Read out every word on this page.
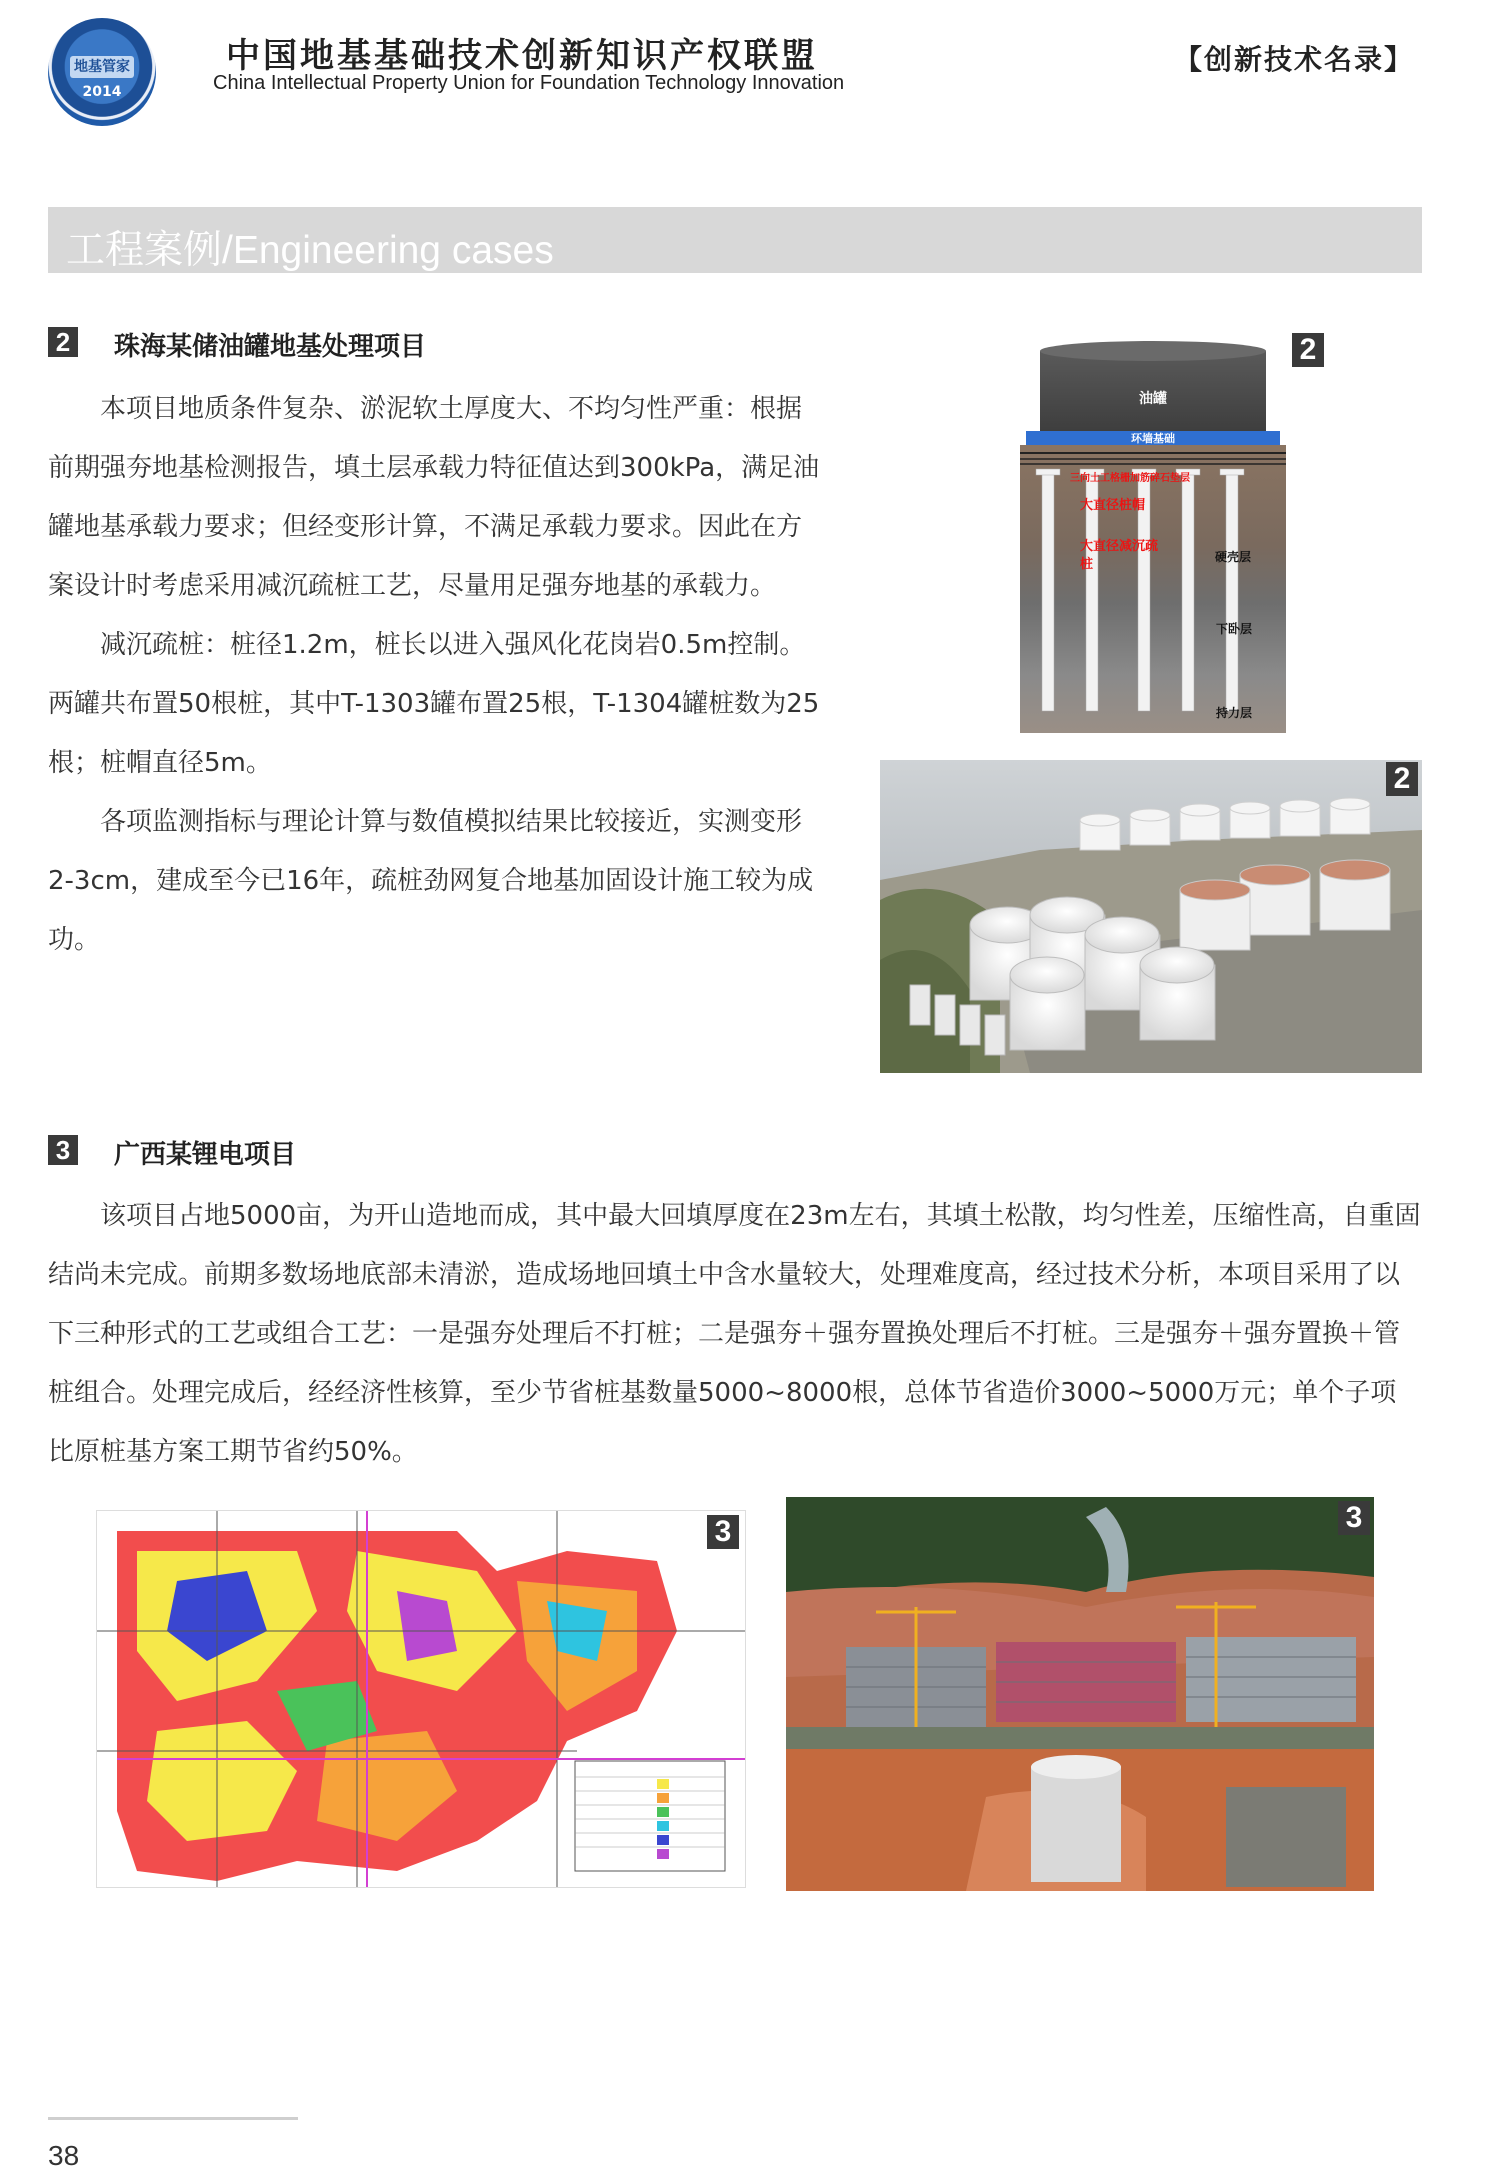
地基管家
2014
中国地基基础技术创新知识产权联盟
China Intellectual Property Union for Foundation Technology Innovation
【创新技术名录】
工程案例/Engineering cases
2 珠海某储油罐地基处理项目

本项目地质条件复杂、淤泥软土厚度大、不均匀性严重：根据前期强夯地基检测报告，填土层承载力特征值达到300kPa，满足油罐地基承载力要求；但经变形计算，不满足承载力要求。因此在方案设计时考虑采用减沉疏桩工艺，尽量用足强夯地基的承载力。

减沉疏桩：桩径1.2m，桩长以进入强风化花岗岩0.5m控制。两罐共布置50根桩，其中T-1303罐布置25根，T-1304罐桩数为25根；桩帽直径5m。

各项监测指标与理论计算与数值模拟结果比较接近，实测变形2-3cm，建成至今已16年，疏桩劲网复合地基加固设计施工较为成功。

油罐
环墙基础
三向土工格栅加筋碎石垫层
大直径桩帽
大直径减沉疏
桩	硬壳层
下卧层
持力层
2
2
3 广西某锂电项目

该项目占地5000亩，为开山造地而成，其中最大回填厚度在23m左右，其填土松散，均匀性差，压缩性高，自重固结尚未完成。前期多数场地底部未清淤，造成场地回填土中含水量较大，处理难度高，经过技术分析，本项目采用了以下三种形式的工艺或组合工艺：一是强夯处理后不打桩；二是强夯＋强夯置换处理后不打桩。三是强夯＋强夯置换＋管桩组合。处理完成后，经经济性核算，至少节省桩基数量5000~8000根，总体节省造价3000~5000万元；单个子项比原桩基方案工期节省约50%。

3	3
38
